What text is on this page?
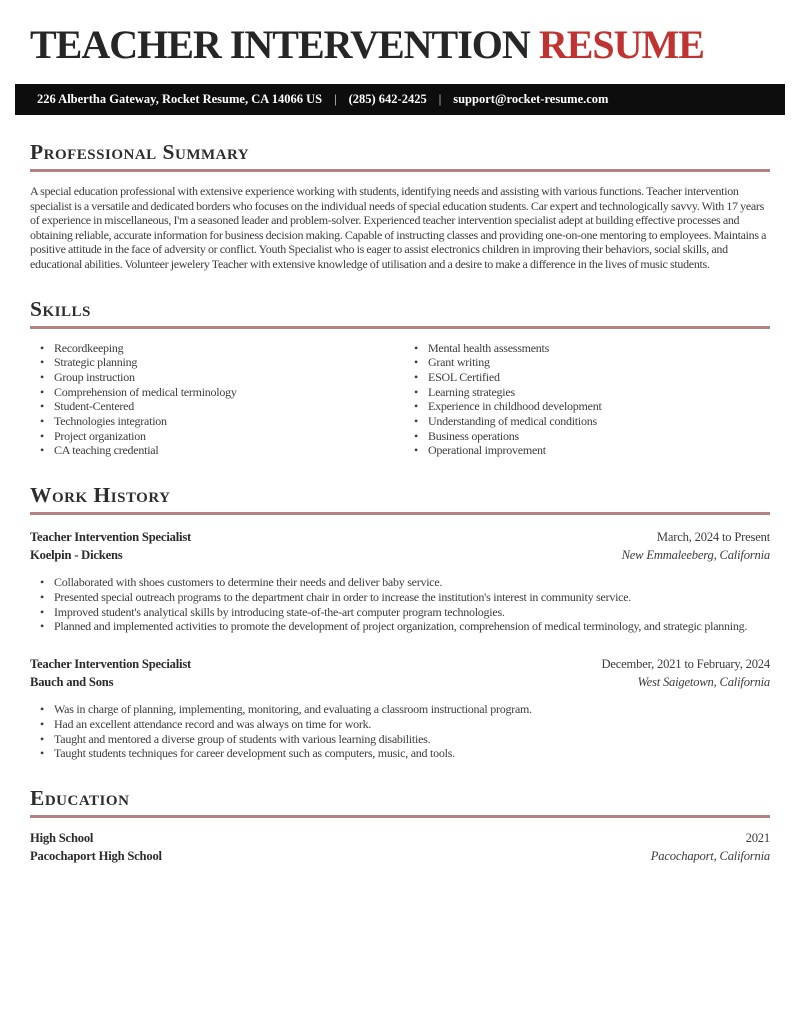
TEACHER INTERVENTION RESUME
226 Albertha Gateway, Rocket Resume, CA 14066 US | (285) 642-2425 | support@rocket-resume.com
Professional Summary

A special education professional with extensive experience working with students, identifying needs and assisting with various functions. Teacher intervention specialist is a versatile and dedicated borders who focuses on the individual needs of special education students. Car expert and technologically savvy. With 17 years of experience in miscellaneous, I'm a seasoned leader and problem-solver. Experienced teacher intervention specialist adept at building effective processes and obtaining reliable, accurate information for business decision making. Capable of instructing classes and providing one-on-one mentoring to employees. Maintains a positive attitude in the face of adversity or conflict. Youth Specialist who is eager to assist electronics children in improving their behaviors, social skills, and educational abilities. Volunteer jewelery Teacher with extensive knowledge of utilisation and a desire to make a difference in the lives of music students.

Skills
• Recordkeeping
• Strategic planning
• Group instruction
• Comprehension of medical terminology
• Student-Centered
• Technologies integration
• Project organization
• CA teaching credential
• Mental health assessments
• Grant writing
• ESOL Certified
• Learning strategies
• Experience in childhood development
• Understanding of medical conditions
• Business operations
• Operational improvement
Work History
Teacher Intervention Specialist	March, 2024 to Present
Koelpin - Dickens	New Emmaleeberg, California
• Collaborated with shoes customers to determine their needs and deliver baby service.
• Presented special outreach programs to the department chair in order to increase the institution's interest in community service.
• Improved student's analytical skills by introducing state-of-the-art computer program technologies.
• Planned and implemented activities to promote the development of project organization, comprehension of medical terminology, and strategic planning.
Teacher Intervention Specialist	December, 2021 to February, 2024
Bauch and Sons	West Saigetown, California
• Was in charge of planning, implementing, monitoring, and evaluating a classroom instructional program.
• Had an excellent attendance record and was always on time for work.
• Taught and mentored a diverse group of students with various learning disabilities.
• Taught students techniques for career development such as computers, music, and tools.
Education
High School	2021
Pacochaport High School	Pacochaport, California
